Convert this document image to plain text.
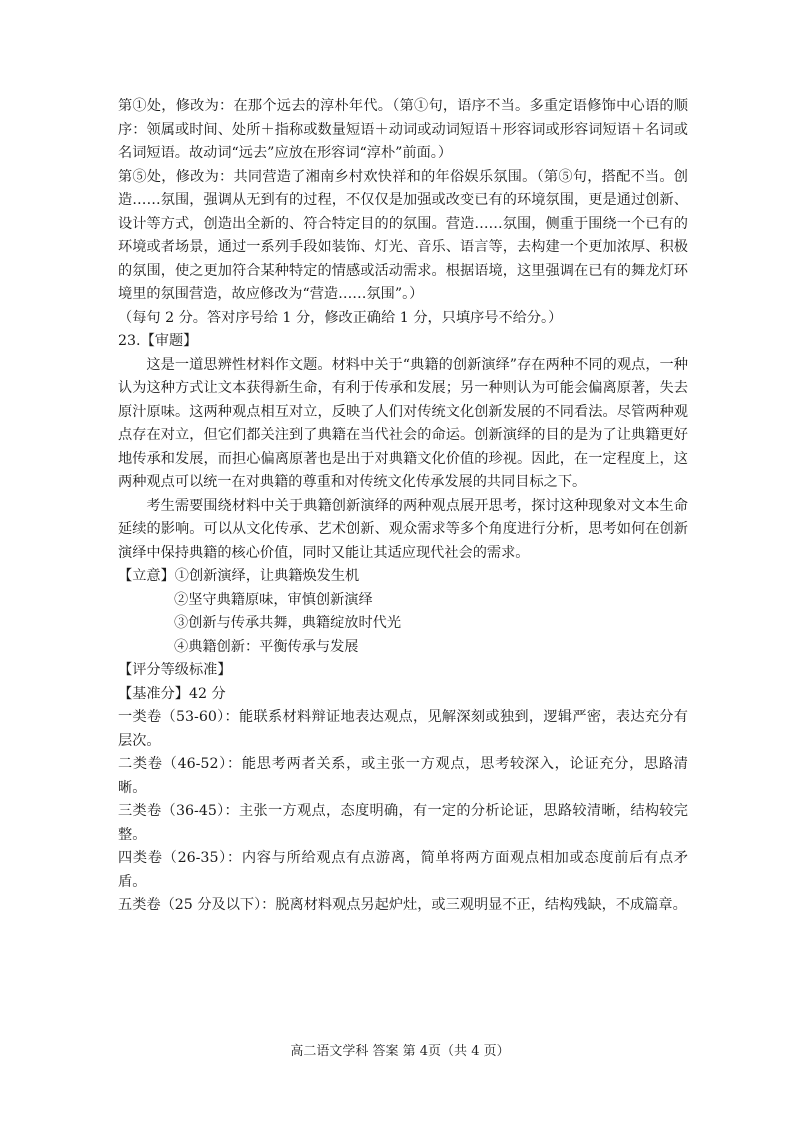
第①处，修改为：在那个远去的淳朴年代。（第①句，语序不当。多重定语修饰中心语的顺序：领属或时间、处所＋指称或数量短语＋动词或动词短语＋形容词或形容词短语＋名词或名词短语。故动词“远去”应放在形容词“淳朴”前面。）

第⑤处，修改为：共同营造了湘南乡村欢快祥和的年俗娱乐氛围。（第⑤句，搭配不当。创造……氛围，强调从无到有的过程，不仅仅是加强或改变已有的环境氛围，更是通过创新、设计等方式，创造出全新的、符合特定目的的氛围。营造……氛围，侧重于围绕一个已有的环境或者场景，通过一系列手段如装饰、灯光、音乐、语言等，去构建一个更加浓厚、积极的氛围，使之更加符合某种特定的情感或活动需求。根据语境，这里强调在已有的舞龙灯环境里的氛围营造，故应修改为“营造……氛围”。）

（每句 2 分。答对序号给 1 分，修改正确给 1 分，只填序号不给分。）

23.【审题】

这是一道思辨性材料作文题。材料中关于“典籍的创新演绎”存在两种不同的观点，一种认为这种方式让文本获得新生命，有利于传承和发展；另一种则认为可能会偏离原著，失去原汁原味。这两种观点相互对立，反映了人们对传统文化创新发展的不同看法。尽管两种观点存在对立，但它们都关注到了典籍在当代社会的命运。创新演绎的目的是为了让典籍更好地传承和发展，而担心偏离原著也是出于对典籍文化价值的珍视。因此，在一定程度上，这两种观点可以统一在对典籍的尊重和对传统文化传承发展的共同目标之下。

考生需要围绕材料中关于典籍创新演绎的两种观点展开思考，探讨这种现象对文本生命延续的影响。可以从文化传承、艺术创新、观众需求等多个角度进行分析，思考如何在创新演绎中保持典籍的核心价值，同时又能让其适应现代社会的需求。

【立意】①创新演绎，让典籍焕发生机

②坚守典籍原味，审慎创新演绎

③创新与传承共舞，典籍绽放时代光

④典籍创新：平衡传承与发展

【评分等级标准】

【基准分】42 分

一类卷（53-60）：能联系材料辩证地表达观点，见解深刻或独到，逻辑严密，表达充分有层次。

二类卷（46-52）：能思考两者关系，或主张一方观点，思考较深入，论证充分，思路清晰。

三类卷（36-45）：主张一方观点，态度明确，有一定的分析论证，思路较清晰，结构较完整。

四类卷（26-35）：内容与所给观点有点游离，简单将两方面观点相加或态度前后有点矛盾。

五类卷（25 分及以下）：脱离材料观点另起炉灶，或三观明显不正，结构残缺，不成篇章。

高二语文学科 答案 第 4页（共 4 页）
